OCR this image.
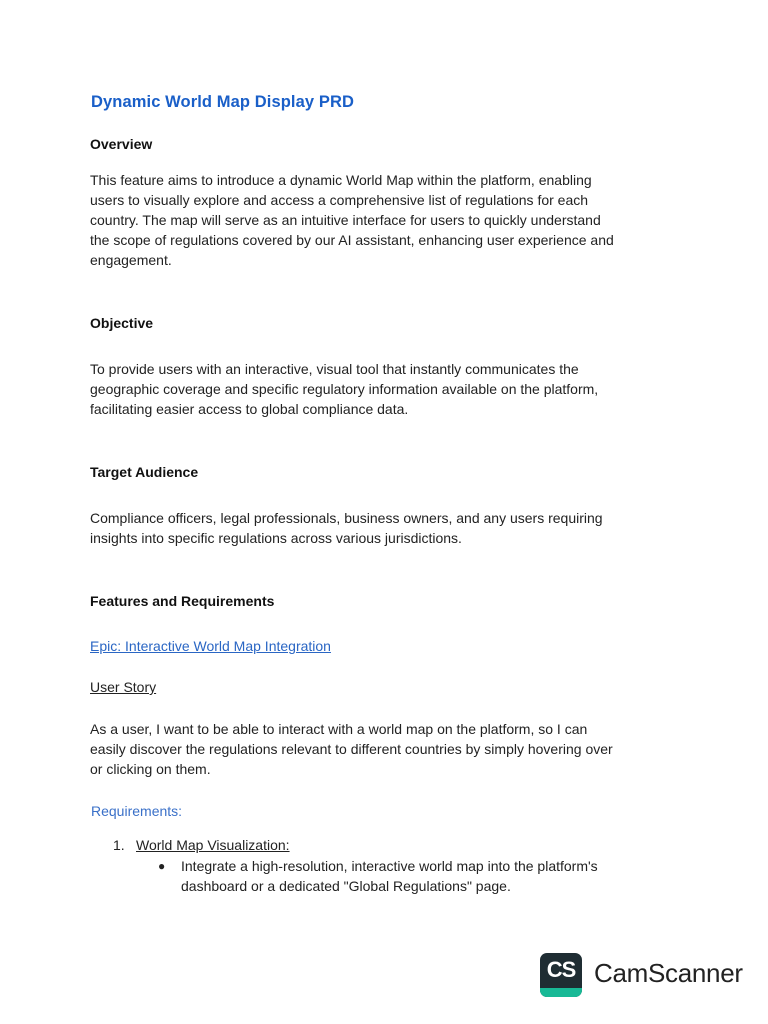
Dynamic World Map Display PRD
Overview
This feature aims to introduce a dynamic World Map within the platform, enabling
users to visually explore and access a comprehensive list of regulations for each
country. The map will serve as an intuitive interface for users to quickly understand
the scope of regulations covered by our AI assistant, enhancing user experience and
engagement.
Objective
To provide users with an interactive, visual tool that instantly communicates the
geographic coverage and specific regulatory information available on the platform,
facilitating easier access to global compliance data.
Target Audience
Compliance officers, legal professionals, business owners, and any users requiring
insights into specific regulations across various jurisdictions.
Features and Requirements
Epic: Interactive World Map Integration
User Story
As a user, I want to be able to interact with a world map on the platform, so I can
easily discover the regulations relevant to different countries by simply hovering over
or clicking on them.
Requirements:
1. World Map Visualization:
● Integrate a high-resolution, interactive world map into the platform's
dashboard or a dedicated "Global Regulations" page.
CS CamScanner
